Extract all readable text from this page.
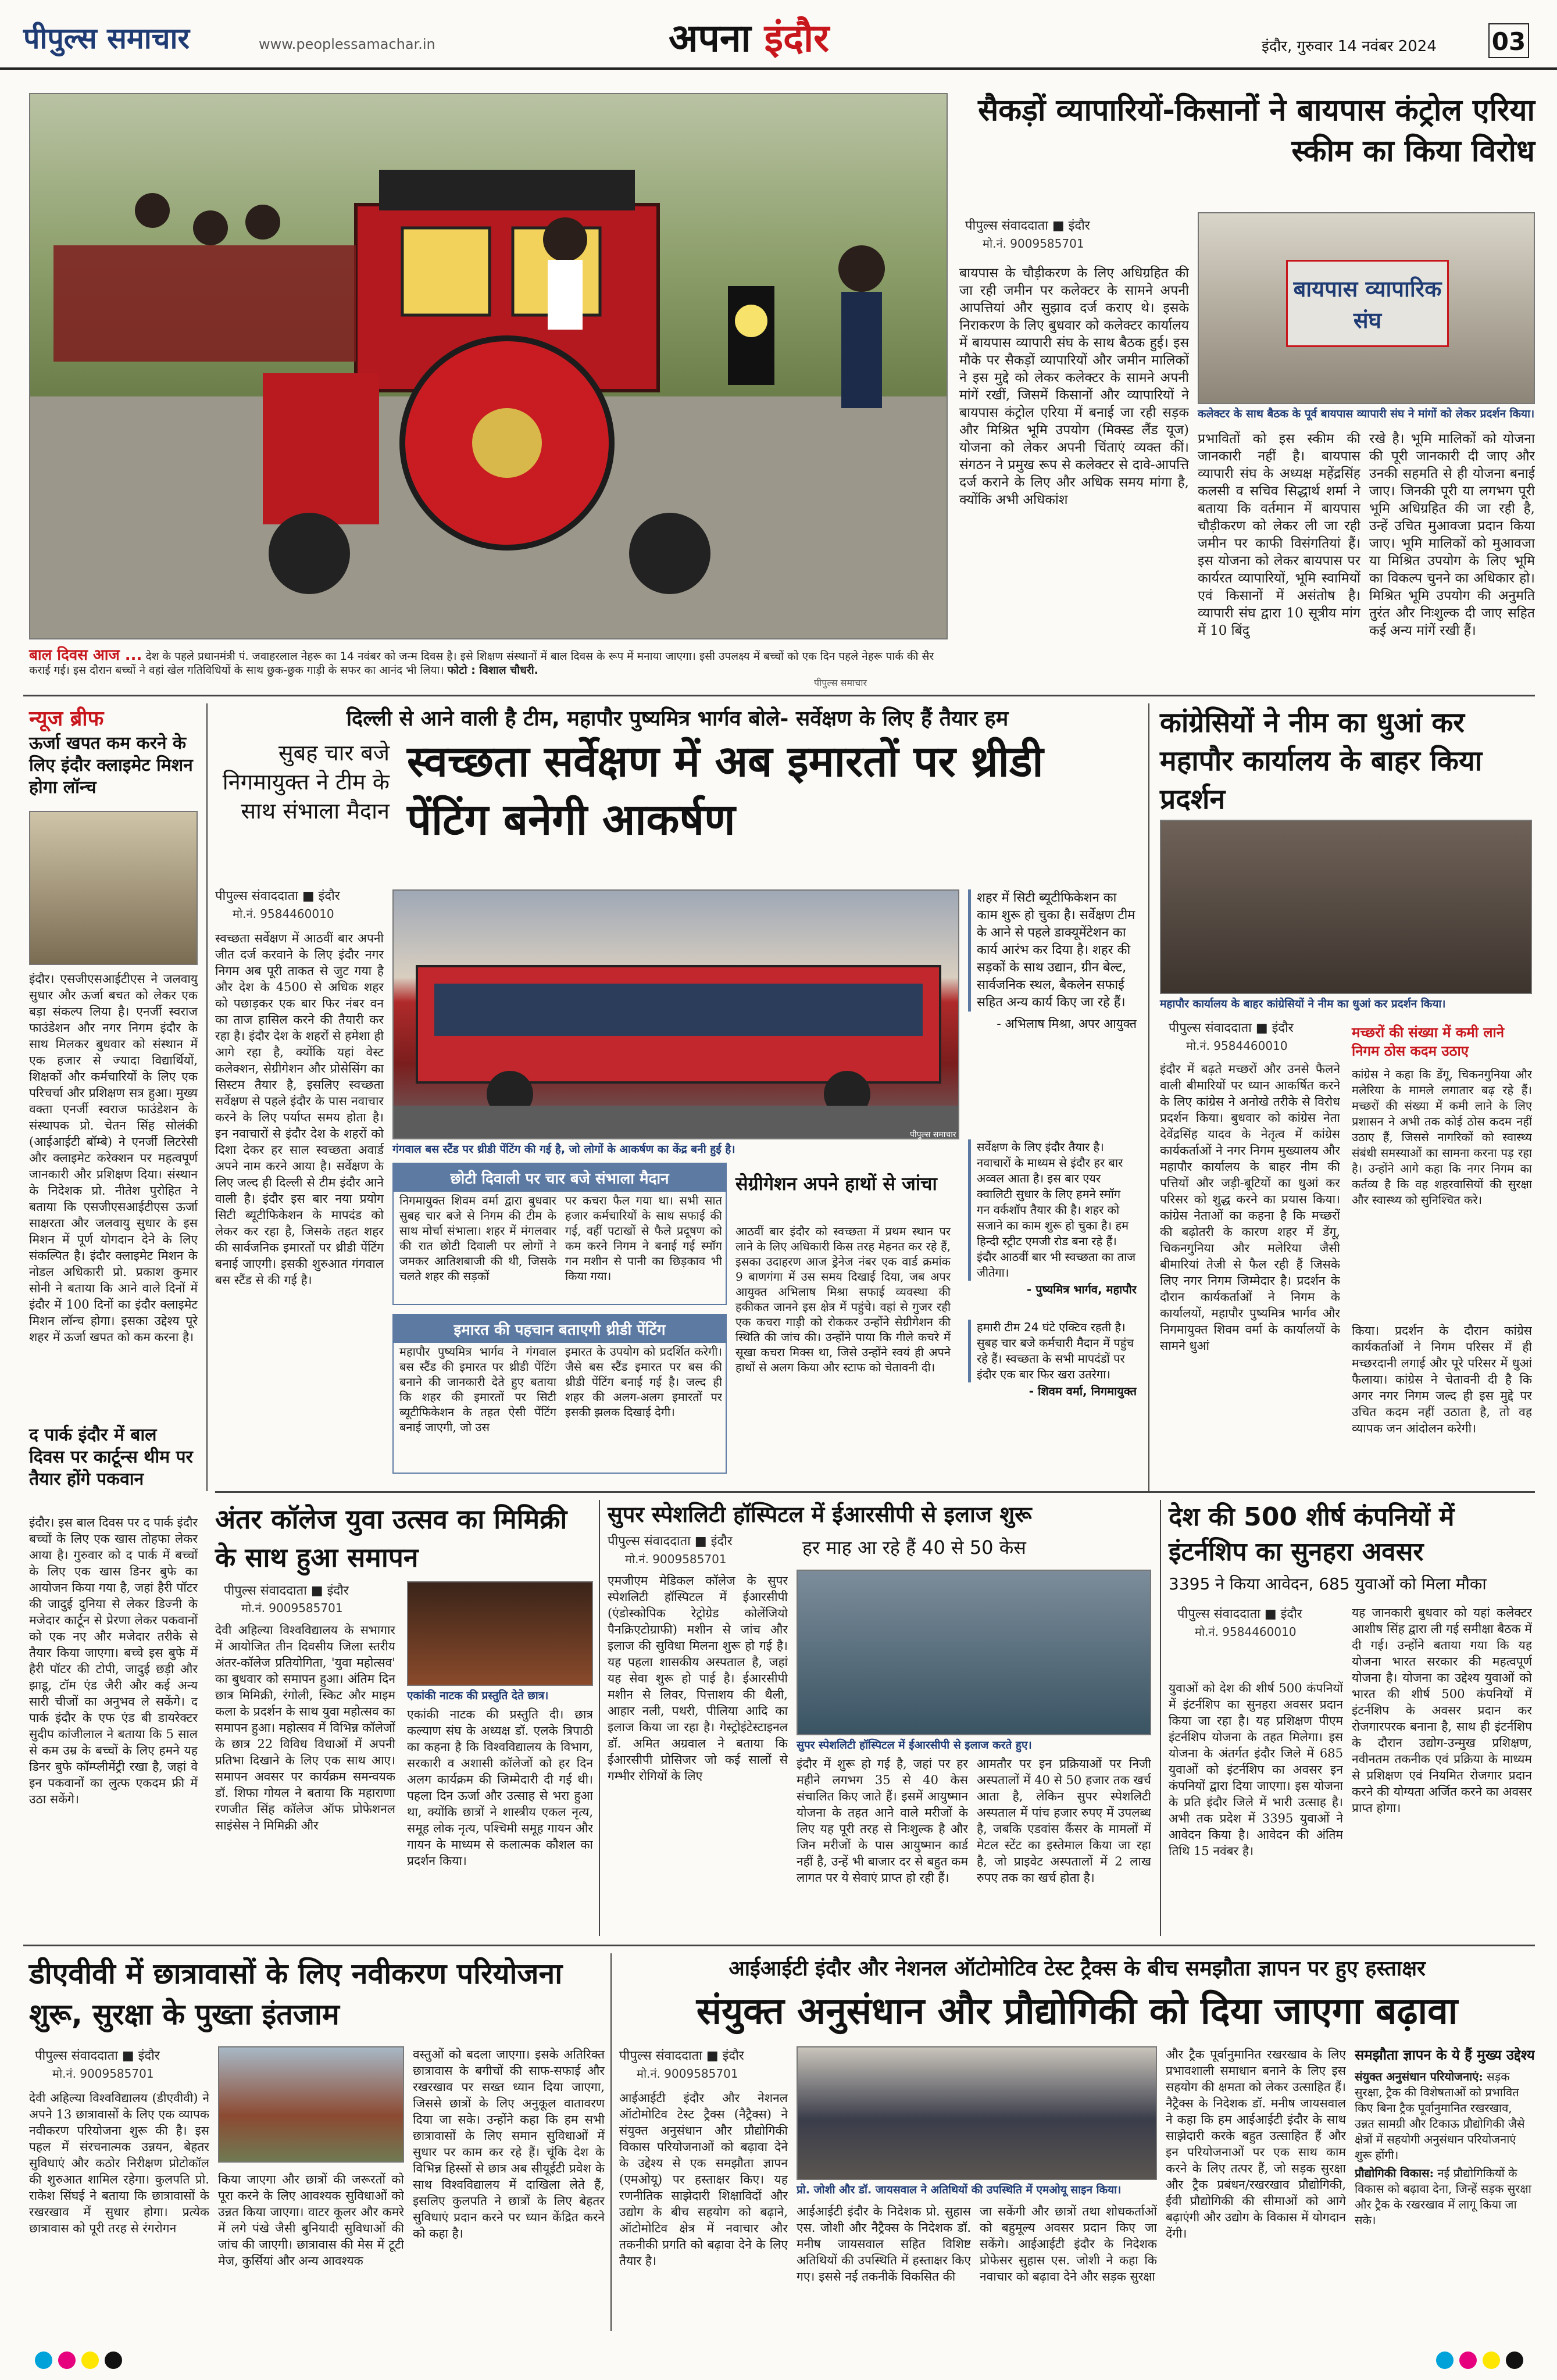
पीपुल्स समाचार	www.peoplessamachar.in	अपना इंदौर	इंदौर, गुरुवार 14 नवंबर 2024 03
बाल दिवस आज ... देश के पहले प्रधानमंत्री पं. जवाहरलाल नेहरू का 14 नवंबर को जन्म दिवस है। इसे शिक्षण संस्थानों में बाल दिवस के रूप में मनाया जाएगा। इसी उपलक्ष्य में बच्चों को एक दिन पहले नेहरू पार्क की सैर कराई गई। इस दौरान बच्चों ने वहां खेल गतिविधियों के साथ छुक-छुक गाड़ी के सफर का आनंद भी लिया। फोटो : विशाल चौधरी.
पीपुल्स समाचार
सैकड़ों व्यापारियों-किसानों ने बायपास कंट्रोल एरिया स्कीम का किया विरोध
पीपुल्स संवाददाता ■ इंदौर
मो.नं. 9009585701
बायपास के चौड़ीकरण के लिए अधिग्रहित की जा रही जमीन पर कलेक्टर के सामने अपनी आपत्तियां और सुझाव दर्ज कराए थे। इसके निराकरण के लिए बुधवार को कलेक्टर कार्यालय में बायपास व्यापारी संघ के साथ बैठक हुई। इस मौके पर सैकड़ों व्यापारियों और जमीन मालिकों ने इस मुद्दे को लेकर कलेक्टर के सामने अपनी मांगें रखीं, जिसमें किसानों और व्यापारियों ने बायपास कंट्रोल एरिया में बनाई जा रही सड़क और मिश्रित भूमि उपयोग (मिक्स्ड लैंड यूज) योजना को लेकर अपनी चिंताएं व्यक्त कीं। संगठन ने प्रमुख रूप से कलेक्टर से दावे-आपत्ति दर्ज कराने के लिए और अधिक समय मांगा है, क्योंकि अभी अधिकांश
बायपास व्यापारिक संघ
कलेक्टर के साथ बैठक के पूर्व बायपास व्यापारी संघ ने मांगों को लेकर प्रदर्शन किया।
प्रभावितों को इस स्कीम की जानकारी नहीं है। बायपास व्यापारी संघ के अध्यक्ष महेंद्रसिंह कलसी व सचिव सिद्धार्थ शर्मा ने बताया कि वर्तमान में बायपास चौड़ीकरण को लेकर ली जा रही जमीन पर काफी विसंगतियां हैं। इस योजना को लेकर बायपास पर कार्यरत व्यापारियों, भूमि स्वामियों एवं किसानों में असंतोष है। व्यापारी संघ द्वारा 10 सूत्रीय मांग में 10 बिंदु
रखे है। भूमि मालिकों को योजना की पूरी जानकारी दी जाए और उनकी सहमति से ही योजना बनाई जाए। जिनकी पूरी या लगभग पूरी भूमि अधिग्रहित की जा रही है, उन्हें उचित मुआवजा प्रदान किया जाए। भूमि मालिकों को मुआवजा या मिश्रित उपयोग के लिए भूमि का विकल्प चुनने का अधिकार हो। मिश्रित भूमि उपयोग की अनुमति तुरंत और निःशुल्क दी जाए सहित कई अन्य मांगें रखी हैं।
न्यूज ब्रीफ
ऊर्जा खपत कम करने के लिए इंदौर क्लाइमेट मिशन होगा लॉन्च
इंदौर। एसजीएसआईटीएस ने जलवायु सुधार और ऊर्जा बचत को लेकर एक बड़ा संकल्प लिया है। एनर्जी स्वराज फाउंडेशन और नगर निगम इंदौर के साथ मिलकर बुधवार को संस्थान में एक हजार से ज्यादा विद्यार्थियों, शिक्षकों और कर्मचारियों के लिए एक परिचर्चा और प्रशिक्षण सत्र हुआ। मुख्य वक्ता एनर्जी स्वराज फाउंडेशन के संस्थापक प्रो. चेतन सिंह सोलंकी (आईआईटी बॉम्बे) ने एनर्जी लिटरेसी और क्लाइमेट करेक्शन पर महत्वपूर्ण जानकारी और प्रशिक्षण दिया। संस्थान के निदेशक प्रो. नीतेश पुरोहित ने बताया कि एसजीएसआईटीएस ऊर्जा साक्षरता और जलवायु सुधार के इस मिशन में पूर्ण योगदान देने के लिए संकल्पित है। इंदौर क्लाइमेट मिशन के नोडल अधिकारी प्रो. प्रकाश कुमार सोनी ने बताया कि आने वाले दिनों में इंदौर में 100 दिनों का इंदौर क्लाइमेट मिशन लॉन्च होगा। इसका उद्देश्य पूरे शहर में ऊर्जा खपत को कम करना है।
द पार्क इंदौर में बाल दिवस पर कार्टून्स थीम पर तैयार होंगे पकवान
इंदौर। इस बाल दिवस पर द पार्क इंदौर बच्चों के लिए एक खास तोहफा लेकर आया है। गुरुवार को द पार्क में बच्चों के लिए एक खास डिनर बुफे का आयोजन किया गया है, जहां हैरी पॉटर की जादुई दुनिया से लेकर डिज्नी के मजेदार कार्टून से प्रेरणा लेकर पकवानों को एक नए और मजेदार तरीके से तैयार किया जाएगा। बच्चे इस बुफे में हैरी पॉटर की टोपी, जादुई छड़ी और झाडू, टॉम एंड जैरी और कई अन्य सारी चीजों का अनुभव ले सकेंगे। द पार्क इंदौर के एफ एंड बी डायरेक्टर सुदीप कांजीलाल ने बताया कि 5 साल से कम उम्र के बच्चों के लिए हमने यह डिनर बुफे कॉम्प्लीमेंट्री रखा है, जहां वे इन पकवानों का लुत्फ एकदम फ्री में उठा सकेंगे।
दिल्ली से आने वाली है टीम, महापौर पुष्यमित्र भार्गव बोले- सर्वेक्षण के लिए हैं तैयार हम
सुबह चार बजे निगमायुक्त ने टीम के साथ संभाला मैदान
स्वच्छता सर्वेक्षण में अब इमारतों पर थ्रीडी पेंटिंग बनेगी आकर्षण
पीपुल्स संवाददाता ■ इंदौर
मो.नं. 9584460010
स्वच्छता सर्वेक्षण में आठवीं बार अपनी जीत दर्ज करवाने के लिए इंदौर नगर निगम अब पूरी ताकत से जुट गया है और देश के 4500 से अधिक शहर को पछाड़कर एक बार फिर नंबर वन का ताज हासिल करने की तैयारी कर रहा है। इंदौर देश के शहरों से हमेशा ही आगे रहा है, क्योंकि यहां वेस्ट कलेक्शन, सेग्रीगेशन और प्रोसेसिंग का सिस्टम तैयार है, इसलिए स्वच्छता सर्वेक्षण से पहले इंदौर के पास नवाचार करने के लिए पर्याप्त समय होता है। इन नवाचारों से इंदौर देश के शहरों को दिशा देकर हर साल स्वच्छता अवार्ड अपने नाम करने आया है। सर्वेक्षण के लिए जल्द ही दिल्ली से टीम इंदौर आने वाली है। इंदौर इस बार नया प्रयोग सिटी ब्यूटीफिकेशन के मापदंड को लेकर कर रहा है, जिसके तहत शहर की सार्वजनिक इमारतों पर थ्रीडी पेंटिंग बनाई जाएगी। इसकी शुरुआत गंगवाल बस स्टैंड से की गई है।
गंगवाल बस स्टैंड पर थ्रीडी पेंटिंग की गई है, जो लोगों के आकर्षण का केंद्र बनी हुई है।
पीपुल्स समाचार
छोटी दिवाली पर चार बजे संभाला मैदान
निगमायुक्त शिवम वर्मा द्वारा बुधवार सुबह चार बजे से निगम की टीम के साथ मोर्चा संभाला। शहर में मंगलवार की रात छोटी दिवाली पर लोगों ने जमकर आतिशबाजी की थी, जिसके चलते शहर की सड़कों
पर कचरा फैल गया था। सभी सात हजार कर्मचारियों के साथ सफाई की गई, वहीं पटाखों से फैले प्रदूषण को कम करने निगम ने बनाई गई स्मॉग गन मशीन से पानी का छिड़काव भी किया गया।
इमारत की पहचान बताएगी थ्रीडी पेंटिंग
महापौर पुष्यमित्र भार्गव ने गंगवाल बस स्टैंड की इमारत पर थ्रीडी पेंटिंग बनाने की जानकारी देते हुए बताया कि शहर की इमारतों पर सिटी ब्यूटीफिकेशन के तहत ऐसी पेंटिंग बनाई जाएगी, जो उस
इमारत के उपयोग को प्रदर्शित करेगी। जैसे बस स्टैंड इमारत पर बस की थ्रीडी पेंटिंग बनाई गई है। जल्द ही शहर की अलग-अलग इमारतों पर इसकी झलक दिखाई देगी।
सेग्रीगेशन अपने हाथों से जांचा
आठवीं बार इंदौर को स्वच्छता में प्रथम स्थान पर लाने के लिए अधिकारी किस तरह मेहनत कर रहे हैं, इसका उदाहरण आज ड्रेनेज नंबर एक वार्ड क्रमांक 9 बाणगंगा में उस समय दिखाई दिया, जब अपर आयुक्त अभिलाष मिश्रा सफाई व्यवस्था की हकीकत जानने इस क्षेत्र में पहुंचे। वहां से गुजर रही एक कचरा गाड़ी को रोककर उन्होंने सेग्रीगेशन की स्थिति की जांच की। उन्होंने पाया कि गीले कचरे में सूखा कचरा मिक्स था, जिसे उन्होंने स्वयं ही अपने हाथों से अलग किया और स्टाफ को चेतावनी दी।
शहर में सिटी ब्यूटीफिकेशन का काम शुरू हो चुका है। सर्वेक्षण टीम के आने से पहले डाक्यूमेंटेशन का कार्य आरंभ कर दिया है। शहर की सड़कों के साथ उद्यान, ग्रीन बेल्ट, सार्वजनिक स्थल, बैकलेन सफाई सहित अन्य कार्य किए जा रहे हैं।
- अभिलाष मिश्रा, अपर आयुक्त
सर्वेक्षण के लिए इंदौर तैयार है। नवाचारों के माध्यम से इंदौर हर बार अव्वल आता है। इस बार एयर क्वालिटी सुधार के लिए हमने स्मॉग गन वर्कशॉप तैयार की है। शहर को सजाने का काम शुरू हो चुका है। हम हिन्दी स्ट्रीट एमजी रोड बना रहे हैं। इंदौर आठवीं बार भी स्वच्छता का ताज जीतेगा।
- पुष्यमित्र भार्गव, महापौर
हमारी टीम 24 घंटे एक्टिव रहती है। सुबह चार बजे कर्मचारी मैदान में पहुंच रहे हैं। स्वच्छता के सभी मापदंडों पर इंदौर एक बार फिर खरा उतरेगा।
- शिवम वर्मा, निगमायुक्त
कांग्रेसियों ने नीम का धुआं कर महापौर कार्यालय के बाहर किया प्रदर्शन
महापौर कार्यालय के बाहर कांग्रेसियों ने नीम का धुआं कर प्रदर्शन किया।
पीपुल्स संवाददाता ■ इंदौर
मो.नं. 9584460010
इंदौर में बढ़ते मच्छरों और उनसे फैलने वाली बीमारियों पर ध्यान आकर्षित करने के लिए कांग्रेस ने अनोखे तरीके से विरोध प्रदर्शन किया। बुधवार को कांग्रेस नेता देवेंद्रसिंह यादव के नेतृत्व में कांग्रेस कार्यकर्ताओं ने नगर निगम मुख्यालय और महापौर कार्यालय के बाहर नीम की पत्तियों और जड़ी-बूटियों का धुआं कर परिसर को शुद्ध करने का प्रयास किया। कांग्रेस नेताओं का कहना है कि मच्छरों की बढ़ोतरी के कारण शहर में डेंगू, चिकनगुनिया और मलेरिया जैसी बीमारियां तेजी से फैल रही हैं जिसके लिए नगर निगम जिम्मेदार है। प्रदर्शन के दौरान कार्यकर्ताओं ने निगम के कार्यालयों, महापौर पुष्यमित्र भार्गव और निगमायुक्त शिवम वर्मा के कार्यालयों के सामने धुआं
मच्छरों की संख्या में कमी लाने निगम ठोस कदम उठाए
कांग्रेस ने कहा कि डेंगू, चिकनगुनिया और मलेरिया के मामले लगातार बढ़ रहे हैं। मच्छरों की संख्या में कमी लाने के लिए प्रशासन ने अभी तक कोई ठोस कदम नहीं उठाए हैं, जिससे नागरिकों को स्वास्थ्य संबंधी समस्याओं का सामना करना पड़ रहा है। उन्होंने आगे कहा कि नगर निगम का कर्तव्य है कि वह शहरवासियों की सुरक्षा और स्वास्थ्य को सुनिश्चित करे।
किया। प्रदर्शन के दौरान कांग्रेस कार्यकर्ताओं ने निगम परिसर में ही मच्छरदानी लगाई और पूरे परिसर में धुआं फैलाया। कांग्रेस ने चेतावनी दी है कि अगर नगर निगम जल्द ही इस मुद्दे पर उचित कदम नहीं उठाता है, तो वह व्यापक जन आंदोलन करेगी।
अंतर कॉलेज युवा उत्सव का मिमिक्री के साथ हुआ समापन
पीपुल्स संवाददाता ■ इंदौर
मो.नं. 9009585701
देवी अहिल्या विश्वविद्यालय के सभागार में आयोजित तीन दिवसीय जिला स्तरीय अंतर-कॉलेज प्रतियोगिता, 'युवा महोत्सव' का बुधवार को समापन हुआ। अंतिम दिन छात्र मिमिक्री, रंगोली, स्किट और माइम कला के प्रदर्शन के साथ युवा महोत्सव का समापन हुआ। महोत्सव में विभिन्न कॉलेजों के छात्र 22 विविध विधाओं में अपनी प्रतिभा दिखाने के लिए एक साथ आए। समापन अवसर पर कार्यक्रम समन्वयक डॉ. शिफा गोयल ने बताया कि महाराणा रणजीत सिंह कॉलेज ऑफ प्रोफेशनल साइंसेस ने मिमिक्री और
एकांकी नाटक की प्रस्तुति देते छात्र।
एकांकी नाटक की प्रस्तुति दी। छात्र कल्याण संघ के अध्यक्ष डॉ. एलके त्रिपाठी का कहना है कि विश्वविद्यालय के विभाग, सरकारी व अशासी कॉलेजों को हर दिन अलग कार्यक्रम की जिम्मेदारी दी गई थी। पहला दिन ऊर्जा और उत्साह से भरा हुआ था, क्योंकि छात्रों ने शास्त्रीय एकल नृत्य, समूह लोक नृत्य, पश्चिमी समूह गायन और गायन के माध्यम से कलात्मक कौशल का प्रदर्शन किया।
सुपर स्पेशलिटी हॉस्पिटल में ईआरसीपी से इलाज शुरू
पीपुल्स संवाददाता ■ इंदौर
मो.नं. 9009585701
हर माह आ रहे हैं 40 से 50 केस
एमजीएम मेडिकल कॉलेज के सुपर स्पेशलिटी हॉस्पिटल में ईआरसीपी (एंडोस्कोपिक रेट्रोग्रेड कोलेंजियो पैनक्रिएटोग्राफी) मशीन से जांच और इलाज की सुविधा मिलना शुरू हो गई है। यह पहला शासकीय अस्पताल है, जहां यह सेवा शुरू हो पाई है। ईआरसीपी मशीन से लिवर, पित्ताशय की थैली, आहार नली, पथरी, पीलिया आदि का इलाज किया जा रहा है। गेस्ट्रोइंटेस्टाइनल डॉ. अमित अग्रवाल ने बताया कि ईआरसीपी प्रोसिजर जो कई सालों से गम्भीर रोगियों के लिए
सुपर स्पेशलिटी हॉस्पिटल में ईआरसीपी से इलाज करते हुए।
इंदौर में शुरू हो गई है, जहां पर हर महीने लगभग 35 से 40 केस संचालित किए जाते हैं। इसमें आयुष्मान योजना के तहत आने वाले मरीजों के लिए यह पूरी तरह से निःशुल्क है और जिन मरीजों के पास आयुष्मान कार्ड नहीं है, उन्हें भी बाजार दर से बहुत कम लागत पर ये सेवाएं प्राप्त हो रही हैं।
आमतौर पर इन प्रक्रियाओं पर निजी अस्पतालों में 40 से 50 हजार तक खर्च आता है, लेकिन सुपर स्पेशलिटी अस्पताल में पांच हजार रुपए में उपलब्ध है, जबकि एडवांस कैंसर के मामलों में मेटल स्टेंट का इस्तेमाल किया जा रहा है, जो प्राइवेट अस्पतालों में 2 लाख रुपए तक का खर्च होता है।
देश की 500 शीर्ष कंपनियों में इंटर्नशिप का सुनहरा अवसर
3395 ने किया आवेदन, 685 युवाओं को मिला मौका
पीपुल्स संवाददाता ■ इंदौर
मो.नं. 9584460010
युवाओं को देश की शीर्ष 500 कंपनियों में इंटर्नशिप का सुनहरा अवसर प्रदान किया जा रहा है। यह प्रशिक्षण पीएम इंटर्नशिप योजना के तहत मिलेगा। इस योजना के अंतर्गत इंदौर जिले में 685 युवाओं को इंटर्नशिप का अवसर इन कंपनियों द्वारा दिया जाएगा। इस योजना के प्रति इंदौर जिले में भारी उत्साह है। अभी तक प्रदेश में 3395 युवाओं ने आवेदन किया है। आवेदन की अंतिम तिथि 15 नवंबर है।
यह जानकारी बुधवार को यहां कलेक्टर आशीष सिंह द्वारा ली गई समीक्षा बैठक में दी गई। उन्होंने बताया गया कि यह योजना भारत सरकार की महत्वपूर्ण योजना है। योजना का उद्देश्य युवाओं को भारत की शीर्ष 500 कंपनियों में इंटर्नशिप के अवसर प्रदान कर रोजगारपरक बनाना है, साथ ही इंटर्नशिप के दौरान उद्योग-उन्मुख प्रशिक्षण, नवीनतम तकनीक एवं प्रक्रिया के माध्यम से प्रशिक्षण एवं नियमित रोजगार प्रदान करने की योग्यता अर्जित करने का अवसर प्राप्त होगा।
डीएवीवी में छात्रावासों के लिए नवीकरण परियोजना शुरू, सुरक्षा के पुख्ता इंतजाम
पीपुल्स संवाददाता ■ इंदौर
मो.नं. 9009585701
देवी अहिल्या विश्वविद्यालय (डीएवीवी) ने अपने 13 छात्रावासों के लिए एक व्यापक नवीकरण परियोजना शुरू की है। इस पहल में संरचनात्मक उन्नयन, बेहतर सुविधाएं और कठोर निरीक्षण प्रोटोकॉल की शुरुआत शामिल रहेगा। कुलपति प्रो. राकेश सिंघई ने बताया कि छात्रावासों के रखरखाव में सुधार होगा। प्रत्येक छात्रावास को पूरी तरह से रंगरोगन
किया जाएगा और छात्रों की जरूरतों को पूरा करने के लिए आवश्यक सुविधाओं को उन्नत किया जाएगा। वाटर कूलर और कमरे में लगे पंखे जैसी बुनियादी सुविधाओं की जांच की जाएगी। छात्रावास की मेस में टूटी मेज, कुर्सियां और अन्य आवश्यक
वस्तुओं को बदला जाएगा। इसके अतिरिक्त छात्रावास के बगीचों की साफ-सफाई और रखरखाव पर सख्त ध्यान दिया जाएगा, जिससे छात्रों के लिए अनुकूल वातावरण दिया जा सके। उन्होंने कहा कि हम सभी छात्रावासों के लिए समान सुविधाओं में सुधार पर काम कर रहे हैं। चूंकि देश के विभिन्न हिस्सों से छात्र अब सीयूईटी प्रवेश के साथ विश्वविद्यालय में दाखिला लेते हैं, इसलिए कुलपति ने छात्रों के लिए बेहतर सुविधाएं प्रदान करने पर ध्यान केंद्रित करने को कहा है।
आईआईटी इंदौर और नेशनल ऑटोमोटिव टेस्ट ट्रैक्स के बीच समझौता ज्ञापन पर हुए हस्ताक्षर
संयुक्त अनुसंधान और प्रौद्योगिकी को दिया जाएगा बढ़ावा
पीपुल्स संवाददाता ■ इंदौर
मो.नं. 9009585701
आईआईटी इंदौर और नेशनल ऑटोमोटिव टेस्ट ट्रैक्स (नैट्रैक्स) ने संयुक्त अनुसंधान और प्रौद्योगिकी विकास परियोजनाओं को बढ़ावा देने के उद्देश्य से एक समझौता ज्ञापन (एमओयू) पर हस्ताक्षर किए। यह रणनीतिक साझेदारी शिक्षाविदों और उद्योग के बीच सहयोग को बढ़ाने, ऑटोमोटिव क्षेत्र में नवाचार और तकनीकी प्रगति को बढ़ावा देने के लिए तैयार है।
प्रो. जोशी और डॉ. जायसवाल ने अतिथियों की उपस्थिति में एमओयू साइन किया।
आईआईटी इंदौर के निदेशक प्रो. सुहास एस. जोशी और नैट्रैक्स के निदेशक डॉ. मनीष जायसवाल सहित विशिष्ट अतिथियों की उपस्थिति में हस्ताक्षर किए गए। इससे नई तकनीकें विकसित की
जा सकेंगी और छात्रों तथा शोधकर्ताओं को बहुमूल्य अवसर प्रदान किए जा सकेंगे। आईआईटी इंदौर के निदेशक प्रोफेसर सुहास एस. जोशी ने कहा कि नवाचार को बढ़ावा देने और सड़क सुरक्षा
और ट्रैक पूर्वानुमानित रखरखाव के लिए प्रभावशाली समाधान बनाने के लिए इस सहयोग की क्षमता को लेकर उत्साहित हैं। नैट्रैक्स के निदेशक डॉ. मनीष जायसवाल ने कहा कि हम आईआईटी इंदौर के साथ साझेदारी करके बहुत उत्साहित हैं और इन परियोजनाओं पर एक साथ काम करने के लिए तत्पर हैं, जो सड़क सुरक्षा और ट्रैक प्रबंधन/रखरखाव प्रौद्योगिकी, ईवी प्रौद्योगिकी की सीमाओं को आगे बढ़ाएंगी और उद्योग के विकास में योगदान देंगी।
समझौता ज्ञापन के ये हैं मुख्य उद्देश्य
संयुक्त अनुसंधान परियोजनाएं: सड़क सुरक्षा, ट्रैक की विशेषताओं को प्रभावित किए बिना ट्रैक पूर्वानुमानित रखरखाव, उन्नत सामग्री और टिकाऊ प्रौद्योगिकी जैसे क्षेत्रों में सहयोगी अनुसंधान परियोजनाएं शुरू होंगी।
प्रौद्योगिकी विकास: नई प्रौद्योगिकियों के विकास को बढ़ावा देना, जिन्हें सड़क सुरक्षा और ट्रैक के रखरखाव में लागू किया जा सके।
